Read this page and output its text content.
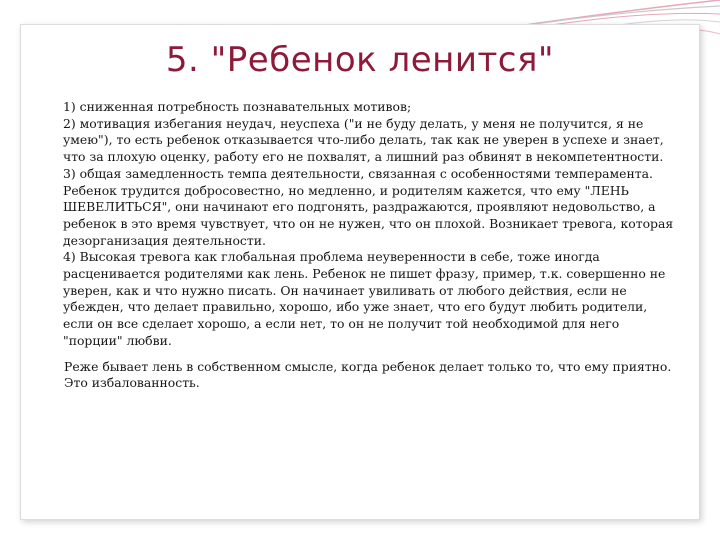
5. "Ребенок ленится"

1) сниженная потребность познавательных мотивов;

2) мотивация избегания неудач, неуспеха ("и не буду делать, у меня не получится, я не умею"), то есть ребенок отказывается что-либо делать, так как не уверен в успехе и знает, что за плохую оценку, работу его не похвалят, а лишний раз обвинят в некомпетентности.

3) общая замедленность темпа деятельности, связанная с особенностями темперамента. Ребенок трудится добросовестно, но медленно, и родителям кажется, что ему "ЛЕНЬ ШЕВЕЛИТЬСЯ", они начинают его подгонять, раздражаются, проявляют недовольство, а ребенок в это время чувствует, что он не нужен, что он плохой. Возникает тревога, которая дезорганизация деятельности.

4) Высокая тревога как глобальная проблема неуверенности в себе, тоже иногда расценивается родителями как лень. Ребенок не пишет фразу, пример, т.к. совершенно не уверен, как и что нужно писать. Он начинает увиливать от любого действия, если не убежден, что делает правильно, хорошо, ибо уже знает, что его будут любить родители, если он все сделает хорошо, а если нет, то он не получит той необходимой для него "порции" любви.

Реже бывает лень в собственном смысле, когда ребенок делает только то, что ему приятно. Это избалованность.
